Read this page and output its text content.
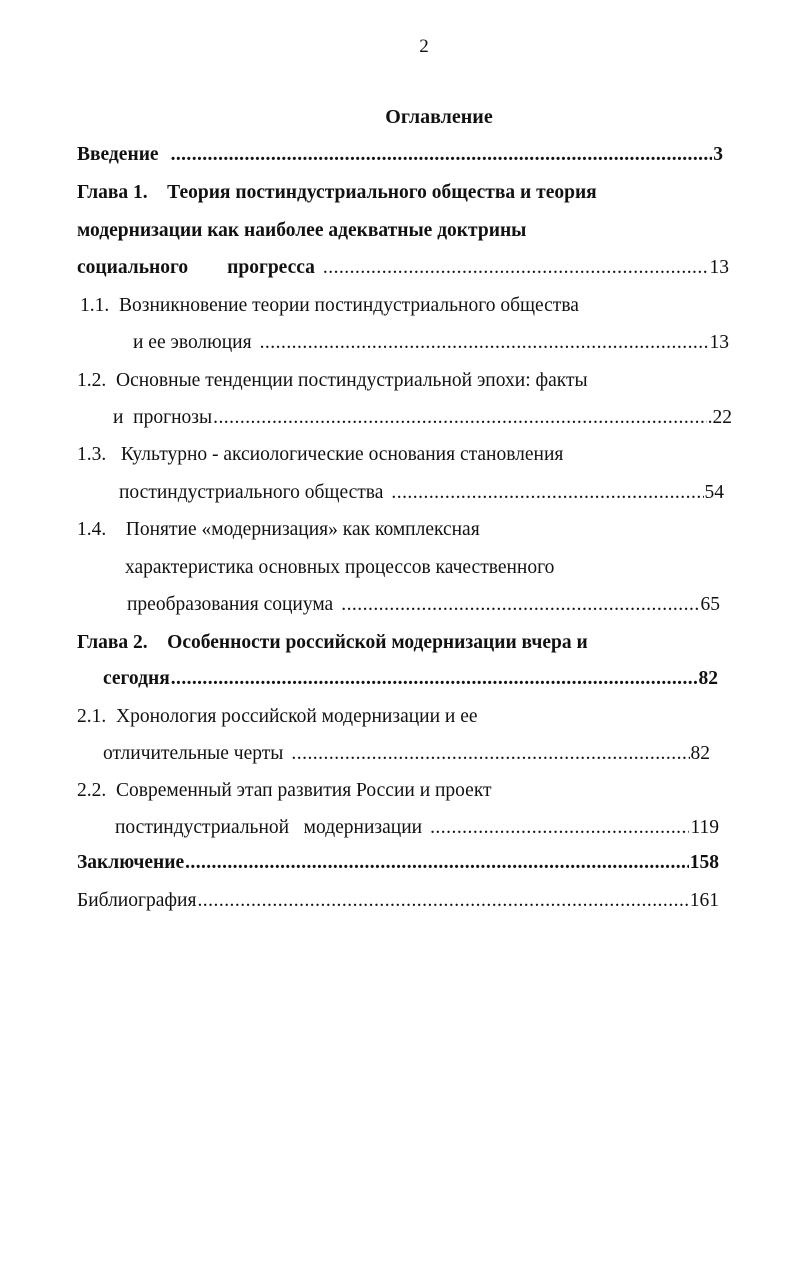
2
Оглавление
Введение .....	3
Глава 1.    Теория постиндустриального общества и теория
модернизации как наиболее адекватные доктрины
социального        прогресса . . .	13
1.1.  Возникновение теории постиндустриального общества
и ее эволюция . . .	13
1.2.  Основные тенденции постиндустриальной эпохи: факты
и  прогнозы . . .	.22
1.3.   Культурно - аксиологические основания становления
постиндустриального общества . . .	54
1.4.    Понятие «модернизация» как комплексная
характеристика основных процессов качественного
преобразования социума . . .	65
Глава 2.    Особенности российской модернизации вчера и
сегодня .....	82
2.1.  Хронология российской модернизации и ее
отличительные черты . . .	82
2.2.  Современный этап развития России и проект
постиндустриальной   модернизации . . .	119
Заключение .....	158
Библиография . . .	161
